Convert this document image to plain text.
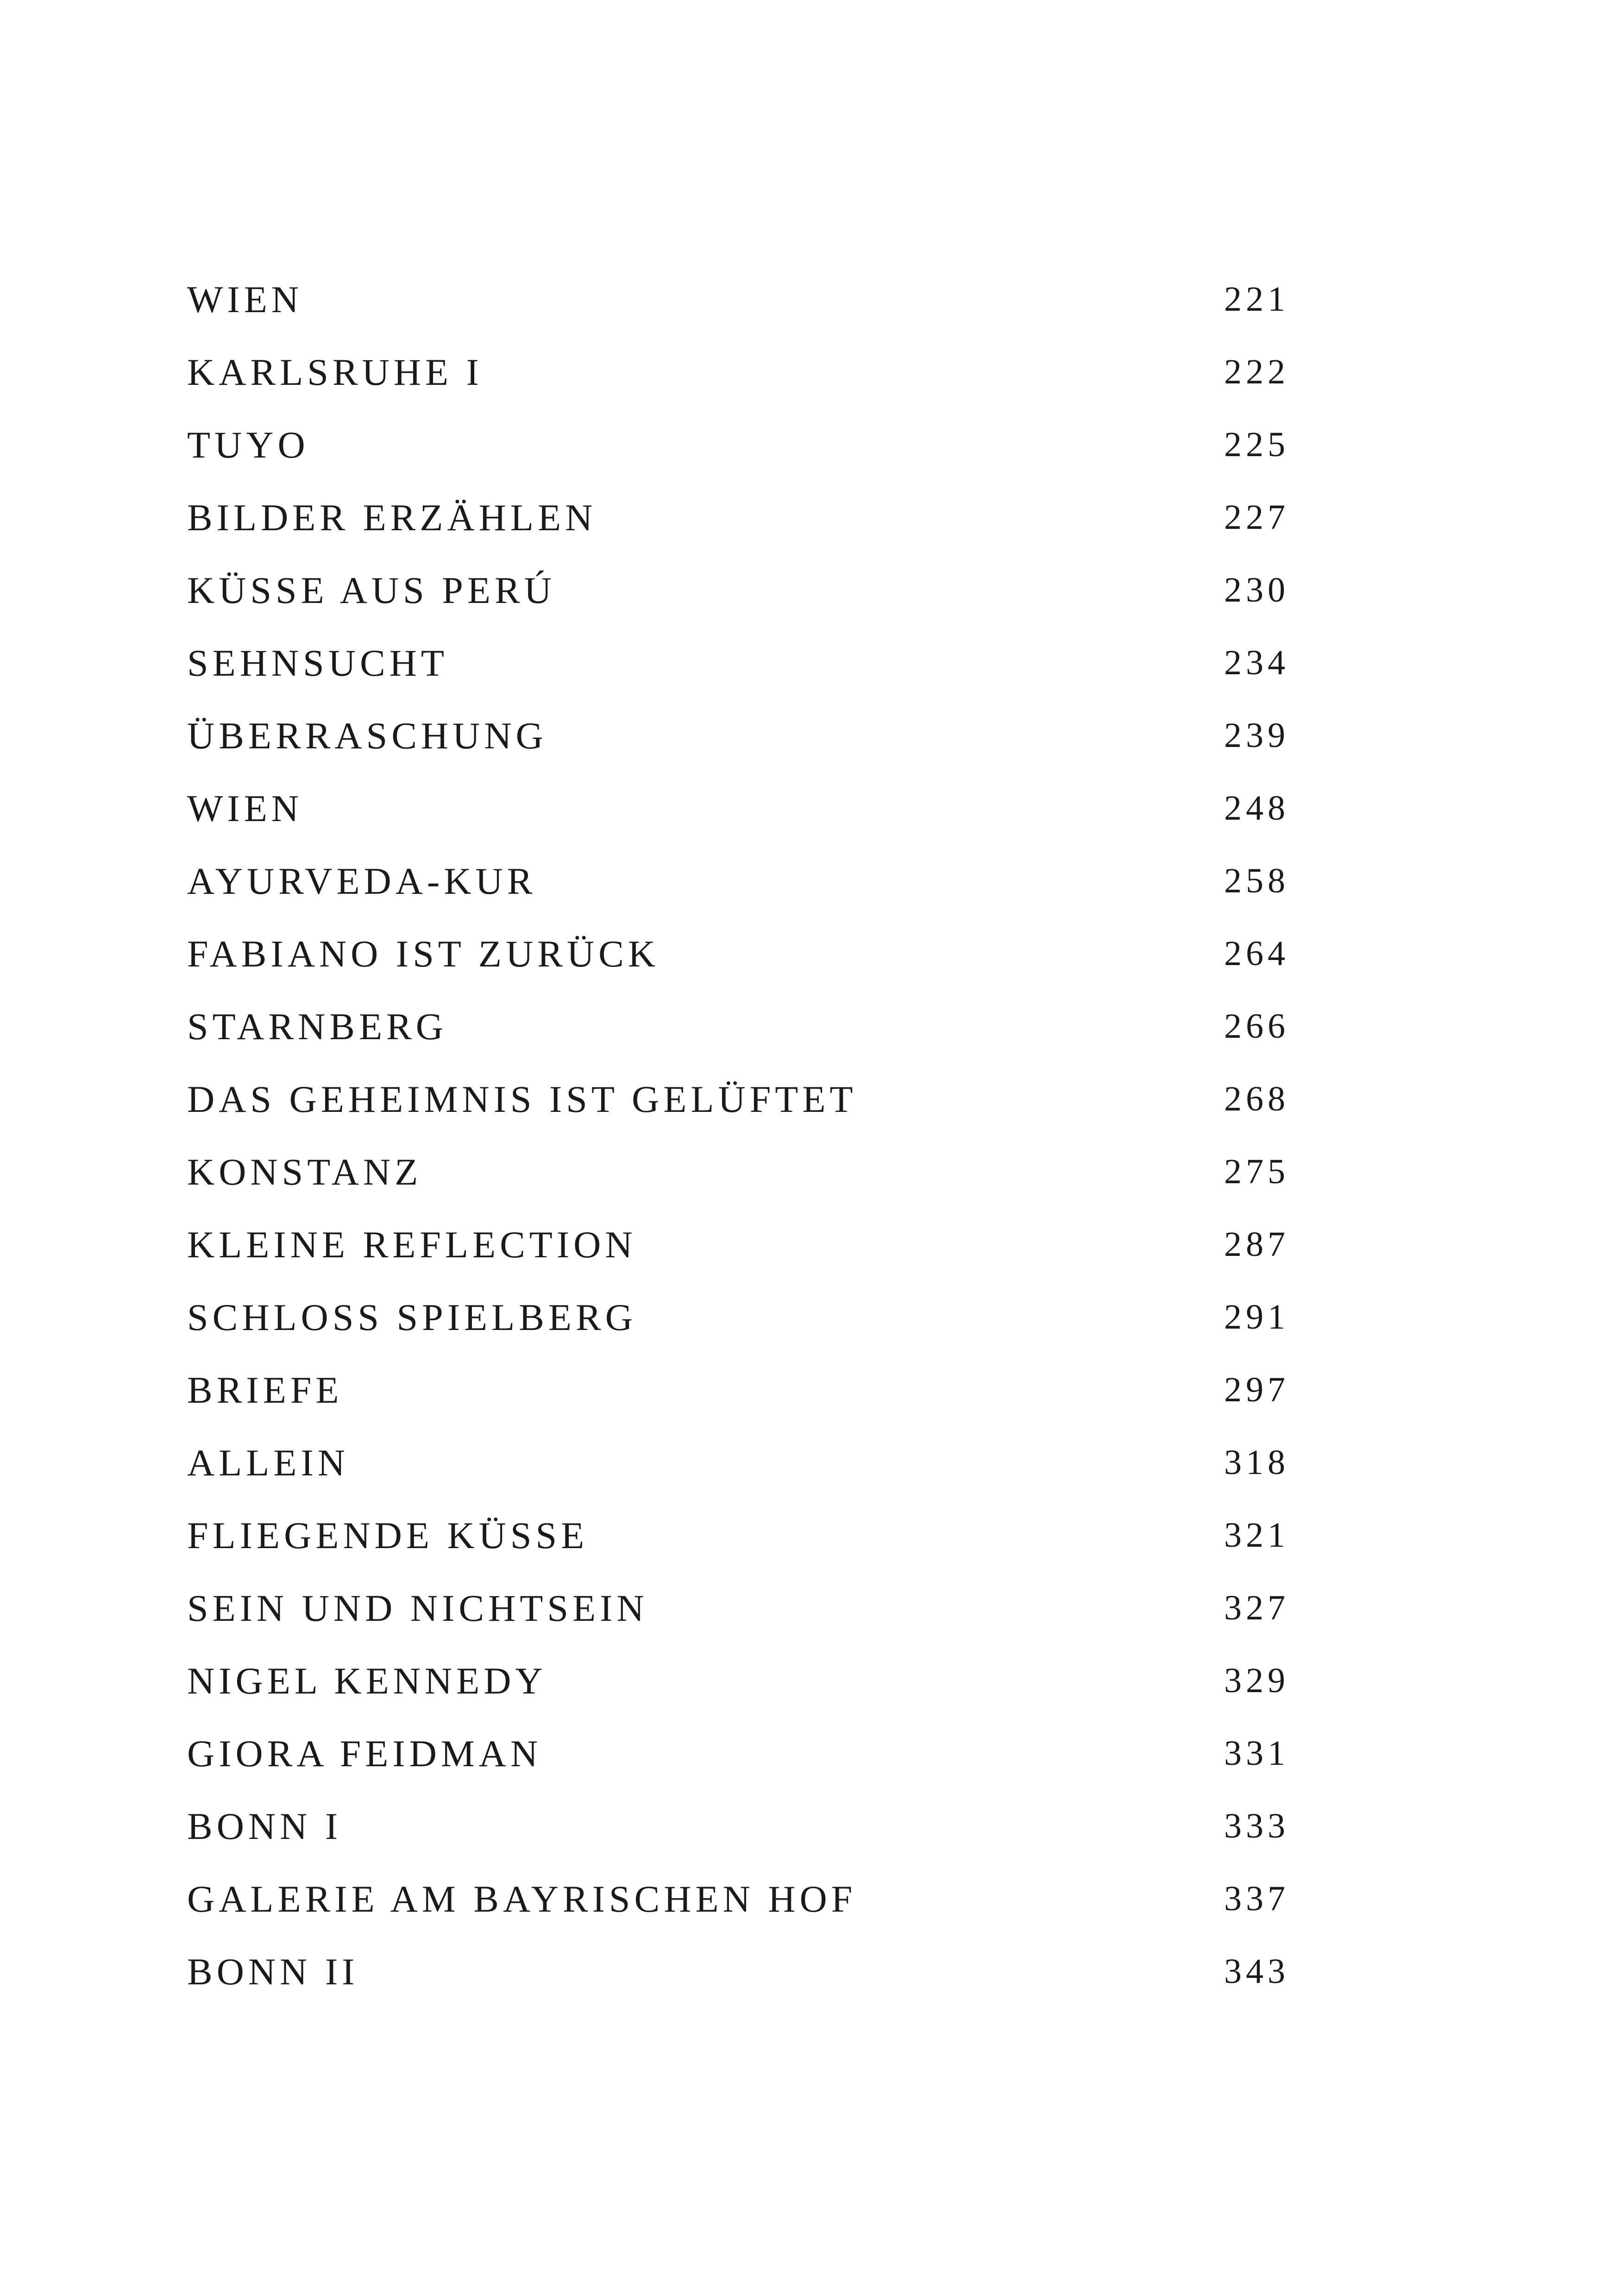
WIEN	221
KARLSRUHE I	222
TUYO	225
BILDER ERZÄHLEN	227
KÜSSE AUS PERÚ	230
SEHNSUCHT	234
ÜBERRASCHUNG	239
WIEN	248
AYURVEDA-KUR	258
FABIANO IST ZURÜCK	264
STARNBERG	266
DAS GEHEIMNIS IST GELÜFTET	268
KONSTANZ	275
KLEINE REFLECTION	287
SCHLOSS SPIELBERG	291
BRIEFE	297
ALLEIN	318
FLIEGENDE KÜSSE	321
SEIN UND NICHTSEIN	327
NIGEL KENNEDY	329
GIORA FEIDMAN	331
BONN I	333
GALERIE AM BAYRISCHEN HOF	337
BONN II	343
